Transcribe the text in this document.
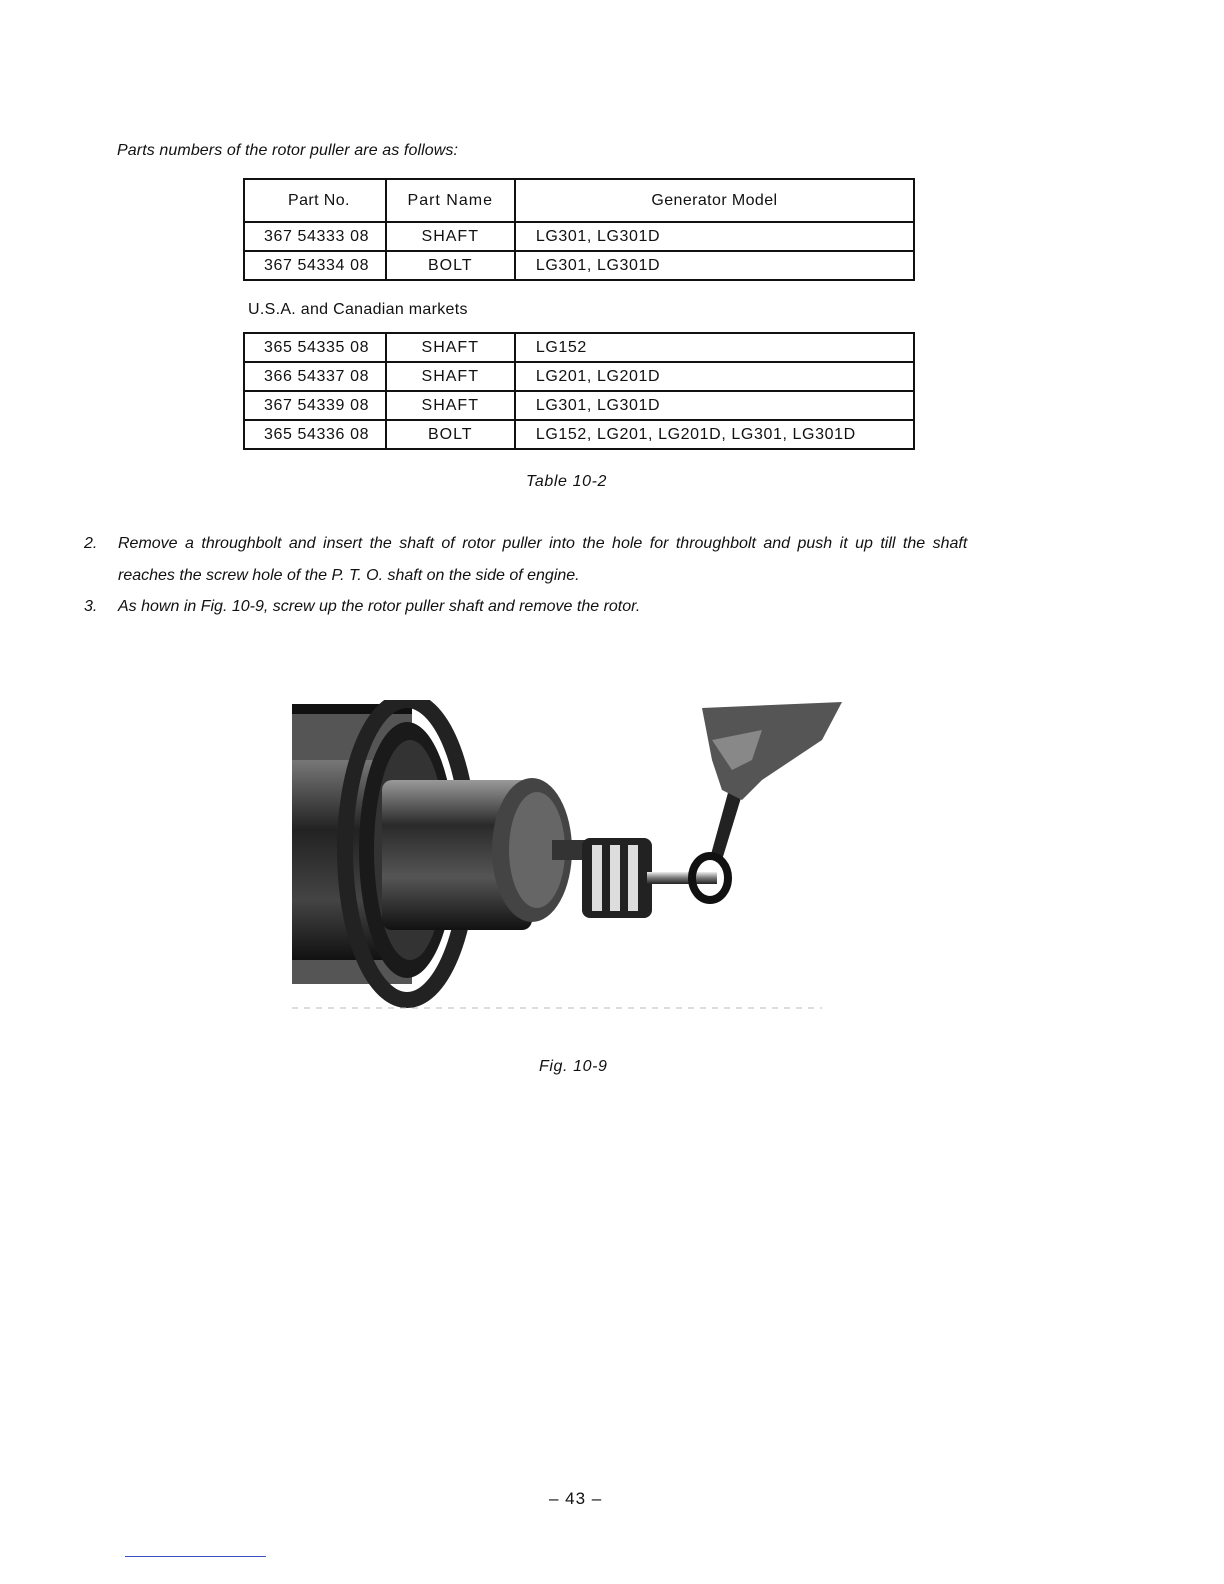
Parts numbers of the rotor puller are as follows:
Part No.	Part Name	Generator Model
367 54333 08	SHAFT	LG301, LG301D
367 54334 08	BOLT	LG301, LG301D
U.S.A. and Canadian markets
365 54335 08	SHAFT	LG152
366 54337 08	SHAFT	LG201, LG201D
367 54339 08	SHAFT	LG301, LG301D
365 54336 08	BOLT	LG152, LG201, LG201D, LG301, LG301D
Table 10-2
2. Remove a throughbolt and insert the shaft of rotor puller into the hole for throughbolt and push it up till the shaft
reaches the screw hole of the P. T. O. shaft on the side of engine.
3. As hown in Fig. 10-9, screw up the rotor puller shaft and remove the rotor.
Fig. 10-9
– 43 –
